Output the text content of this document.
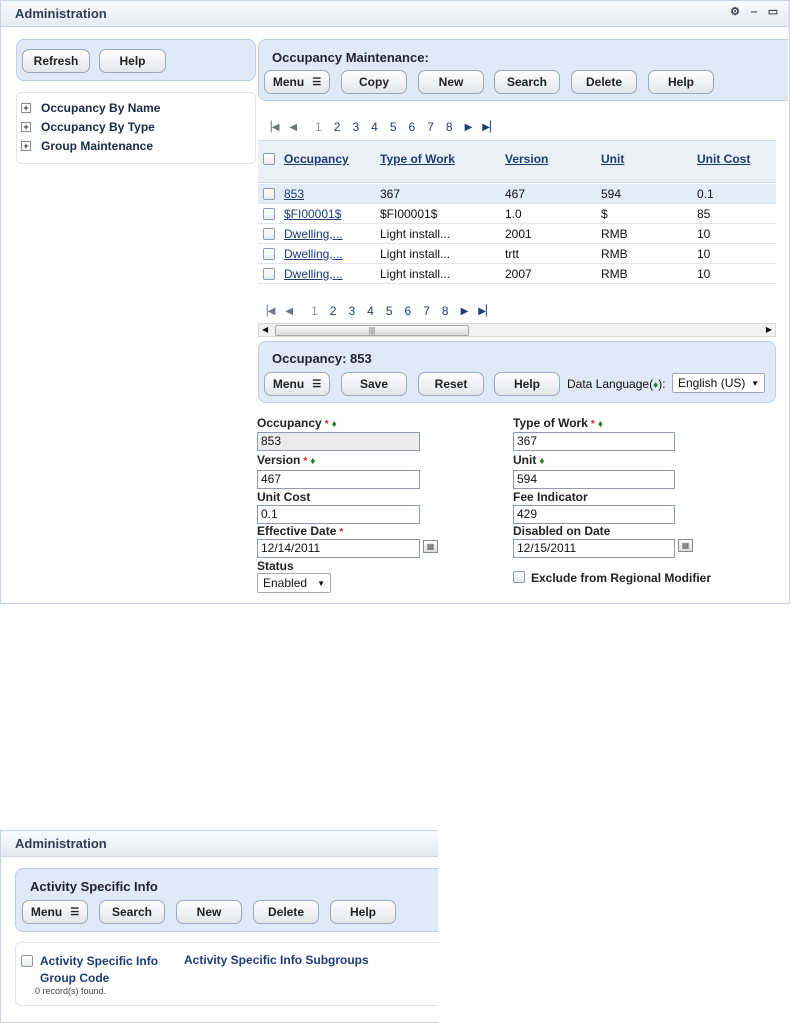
Administration	⚙ ‒ ▭
Refresh	Help
+ Occupancy By Name
+ Occupancy By Type
+ Group Maintenance
Occupancy Maintenance:
Menu ☰	Copy	New	Search	Delete	Help
▕◀ ◀ 1 2 3 4 5 6 7 8 ▶ ▶▏
Occupancy	Type of Work	Version	Unit	Unit Cost
853	367	467	594	0.1
$FI00001$	$FI00001$	1.0	$	85
Dwelling,...	Light install...	2001	RMB	10
Dwelling,...	Light install...	trtt	RMB	10
Dwelling,...	Light install...	2007	RMB	10
▕◀ ◀ 1 2 3 4 5 6 7 8 ▶ ▶▏
◀	|||	▶
Occupancy: 853
Menu ☰	Save	Reset	Help	Data Language(♦): English (US) ▼
Occupancy * ♦
853
Version * ♦
467
Unit Cost
0.1
Effective Date *
12/14/2011	▦
Status
Enabled ▼
Type of Work * ♦
367
Unit ♦
594
Fee Indicator
429
Disabled on Date
12/15/2011	▦
Exclude from Regional Modifier
Administration
Activity Specific Info
Menu ☰	Search	New	Delete	Help
Activity Specific Info
Group Code
Activity Specific Info Subgroups
0 record(s) found.
